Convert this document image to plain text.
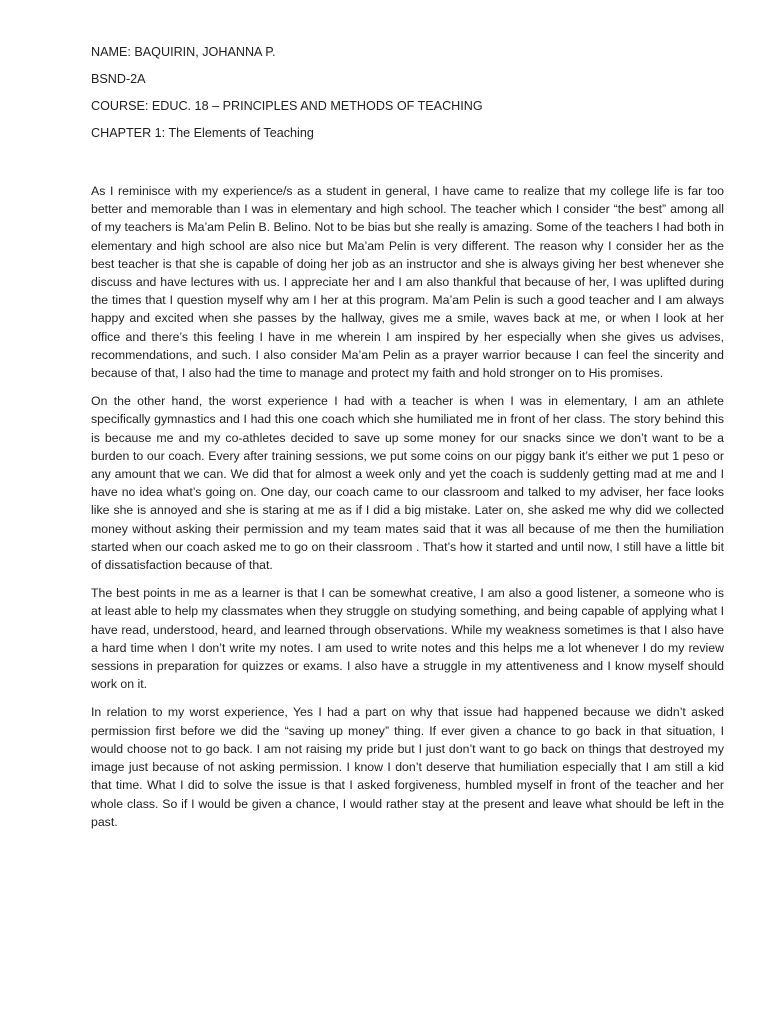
NAME: BAQUIRIN, JOHANNA P.

BSND-2A

COURSE: EDUC. 18 – PRINCIPLES AND METHODS OF TEACHING

CHAPTER 1: The Elements of Teaching

As I reminisce with my experience/s as a student in general, I have came to realize that my college life is far too better and memorable than I was in elementary and high school. The teacher which I consider “the best” among all of my teachers is Ma’am Pelin B. Belino. Not to be bias but she really is amazing. Some of the teachers I had both in elementary and high school are also nice but Ma’am Pelin is very different. The reason why I consider her as the best teacher is that she is capable of doing her job as an instructor and she is always giving her best whenever she discuss and have lectures with us. I appreciate her and I am also thankful that because of her, I was uplifted during the times that I question myself why am I her at this program. Ma’am Pelin is such a good teacher and I am always happy and excited when she passes by the hallway, gives me a smile, waves back at me, or when I look at her office and there’s this feeling I have in me wherein I am inspired by her especially when she gives us advises, recommendations, and such. I also consider Ma’am Pelin as a prayer warrior because I can feel the sincerity and because of that, I also had the time to manage and protect my faith and hold stronger on to His promises.

On the other hand, the worst experience I had with a teacher is when I was in elementary, I am an athlete specifically gymnastics and I had this one coach which she humiliated me in front of her class. The story behind this is because me and my co-athletes decided to save up some money for our snacks since we don’t want to be a burden to our coach. Every after training sessions, we put some coins on our piggy bank it’s either we put 1 peso or any amount that we can. We did that for almost a week only and yet the coach is suddenly getting mad at me and I have no idea what’s going on. One day, our coach came to our classroom and talked to my adviser, her face looks like she is annoyed and she is staring at me as if I did a big mistake. Later on, she asked me why did we collected money without asking their permission and my team mates said that it was all because of me then the humiliation started when our coach asked me to go on their classroom . That’s how it started and until now, I still have a little bit of dissatisfaction because of that.

The best points in me as a learner is that I can be somewhat creative, I am also a good listener, a someone who is at least able to help my classmates when they struggle on studying something, and being capable of applying what I have read, understood, heard, and learned through observations. While my weakness sometimes is that I also have a hard time when I don’t write my notes. I am used to write notes and this helps me a lot whenever I do my review sessions in preparation for quizzes or exams. I also have a struggle in my attentiveness and I know myself should work on it.

In relation to my worst experience, Yes I had a part on why that issue had happened because we didn’t asked permission first before we did the “saving up money” thing. If ever given a chance to go back in that situation, I would choose not to go back. I am not raising my pride but I just don’t want to go back on things that destroyed my image just because of not asking permission. I know I don’t deserve that humiliation especially that I am still a kid that time. What I did to solve the issue is that I asked forgiveness, humbled myself in front of the teacher and her whole class. So if I would be given a chance, I would rather stay at the present and leave what should be left in the past.
